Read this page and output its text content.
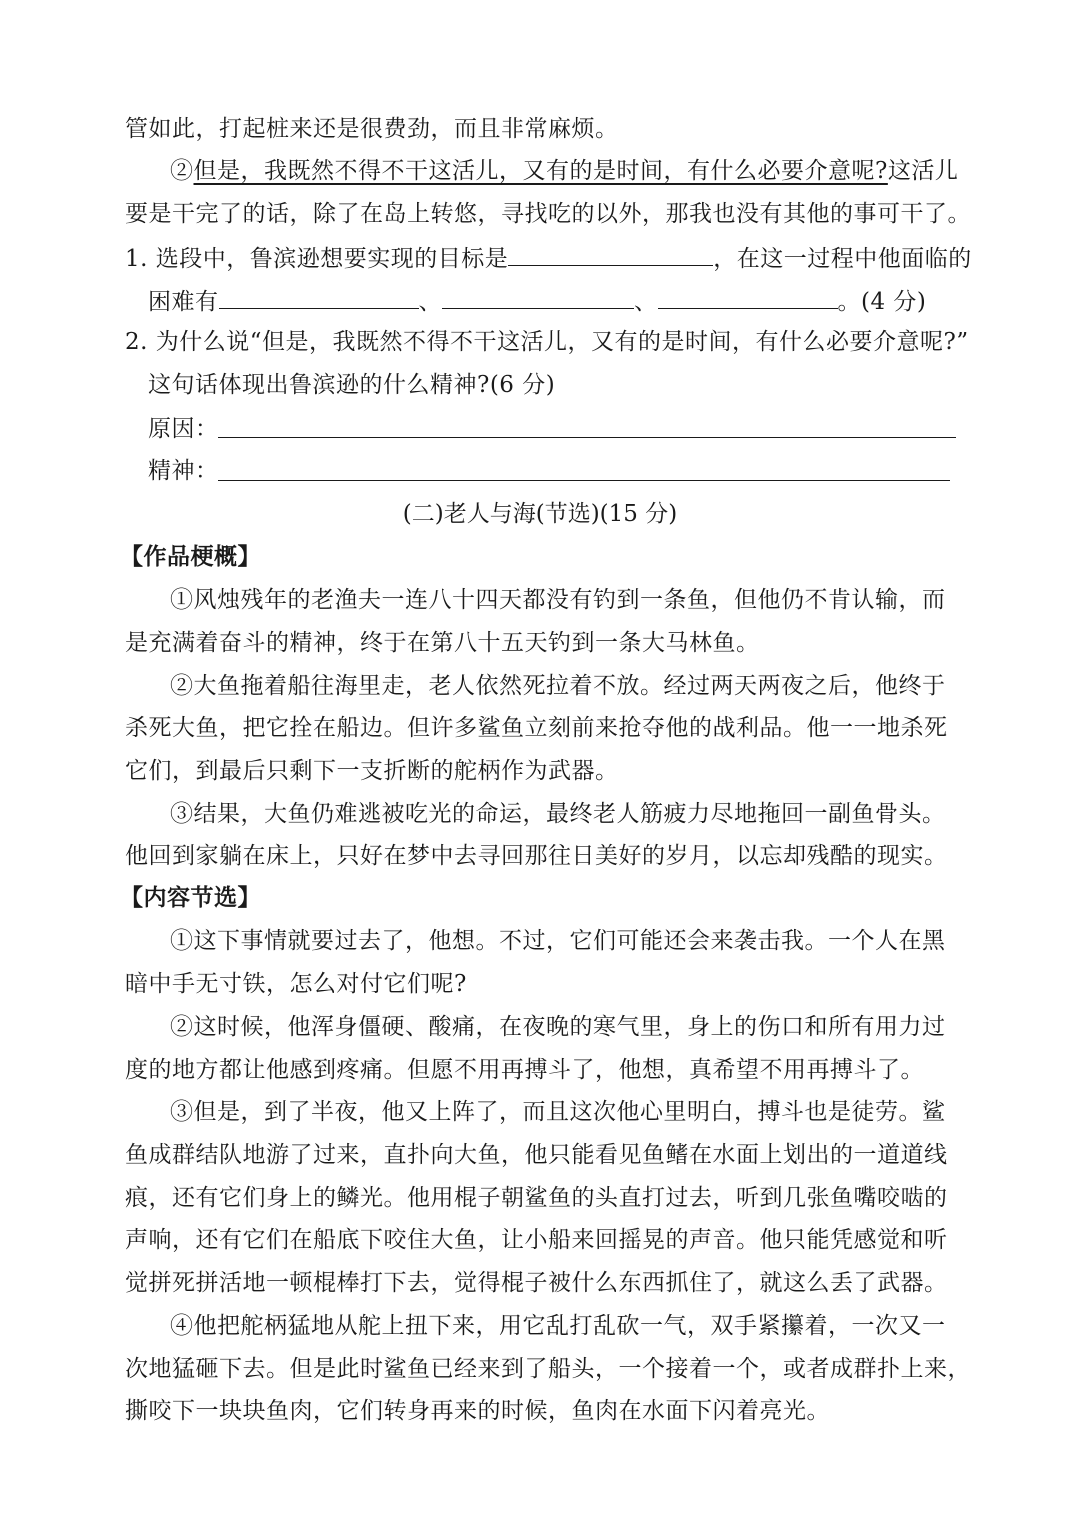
管如此，打起桩来还是很费劲，而且非常麻烦。
②但是，我既然不得不干这活儿，又有的是时间，有什么必要介意呢?这活儿
要是干完了的话，除了在岛上转悠，寻找吃的以外，那我也没有其他的事可干了。
1. 选段中，鲁滨逊想要实现的目标是	，在这一过程中他面临的
困难有	、	、	。(4 分)
2. 为什么说“但是，我既然不得不干这活儿，又有的是时间，有什么必要介意呢?”
这句话体现出鲁滨逊的什么精神?(6 分)
原因：
精神：
(二)老人与海(节选)(15 分)
【作品梗概】
①风烛残年的老渔夫一连八十四天都没有钓到一条鱼，但他仍不肯认输，而
是充满着奋斗的精神，终于在第八十五天钓到一条大马林鱼。
②大鱼拖着船往海里走，老人依然死拉着不放。经过两天两夜之后，他终于
杀死大鱼，把它拴在船边。但许多鲨鱼立刻前来抢夺他的战利品。他一一地杀死
它们，到最后只剩下一支折断的舵柄作为武器。
③结果，大鱼仍难逃被吃光的命运，最终老人筋疲力尽地拖回一副鱼骨头。
他回到家躺在床上，只好在梦中去寻回那往日美好的岁月，以忘却残酷的现实。
【内容节选】
①这下事情就要过去了，他想。不过，它们可能还会来袭击我。一个人在黑
暗中手无寸铁，怎么对付它们呢?
②这时候，他浑身僵硬、酸痛，在夜晚的寒气里，身上的伤口和所有用力过
度的地方都让他感到疼痛。但愿不用再搏斗了，他想，真希望不用再搏斗了。
③但是，到了半夜，他又上阵了，而且这次他心里明白，搏斗也是徒劳。鲨
鱼成群结队地游了过来，直扑向大鱼，他只能看见鱼鳍在水面上划出的一道道线
痕，还有它们身上的鳞光。他用棍子朝鲨鱼的头直打过去，听到几张鱼嘴咬啮的
声响，还有它们在船底下咬住大鱼，让小船来回摇晃的声音。他只能凭感觉和听
觉拼死拼活地一顿棍棒打下去，觉得棍子被什么东西抓住了，就这么丢了武器。
④他把舵柄猛地从舵上扭下来，用它乱打乱砍一气，双手紧攥着，一次又一
次地猛砸下去。但是此时鲨鱼已经来到了船头，一个接着一个，或者成群扑上来，
撕咬下一块块鱼肉，它们转身再来的时候，鱼肉在水面下闪着亮光。
